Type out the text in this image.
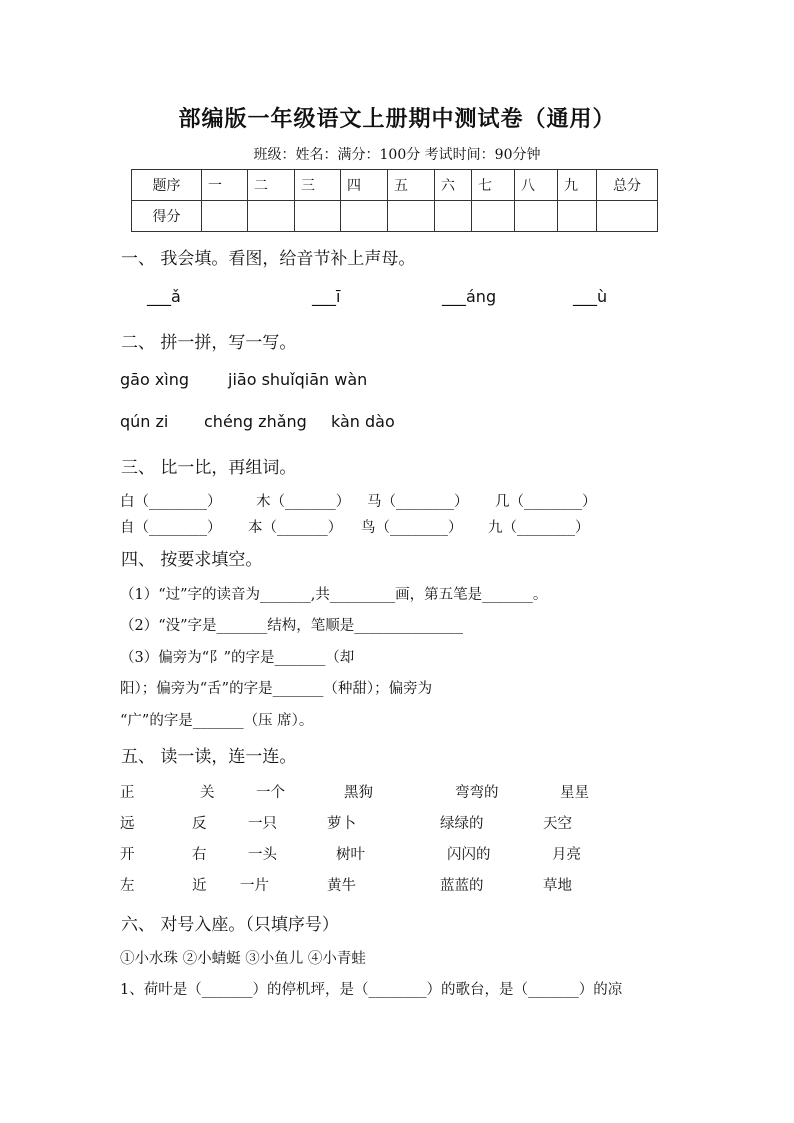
部编版一年级语文上册期中测试卷（通用）
班级：姓名：满分：100分 考试时间：90分钟
题序	一	二	三	四	五	六	七	八	九	总分
得分										
一、 我会填。看图，给音节补上声母。
___ǎ	___ī	___áng	___ù
二、 拼一拼，写一写。
gāo xìng jiāo shuǐqiān wàn
qún zi chéng zhǎng kàn dào
三、 比一比，再组词。
白（________） 木（_______） 马（________） 几（________）
自（________） 本（_______） 鸟（________） 九（________）
四、 按要求填空。
（1）“过”字的读音为_______,共_________画，第五笔是_______。
（2）“没”字是_______结构，笔顺是_______________
（3）偏旁为“阝”的字是_______（却
阳）；偏旁为“舌”的字是_______（种甜）；偏旁为
“广”的字是_______（压 席）。
五、 读一读，连一连。
正	关	一个	黑狗	弯弯的	星星
远	反	一只	萝卜	绿绿的	天空
开	右	一头	树叶	闪闪的	月亮
左	近 一片	黄牛	蓝蓝的	草地
六、 对号入座。（只填序号）
①小水珠 ②小蜻蜓 ③小鱼儿 ④小青蛙
1、荷叶是（_______）的停机坪，是（________）的歌台，是（_______）的凉
